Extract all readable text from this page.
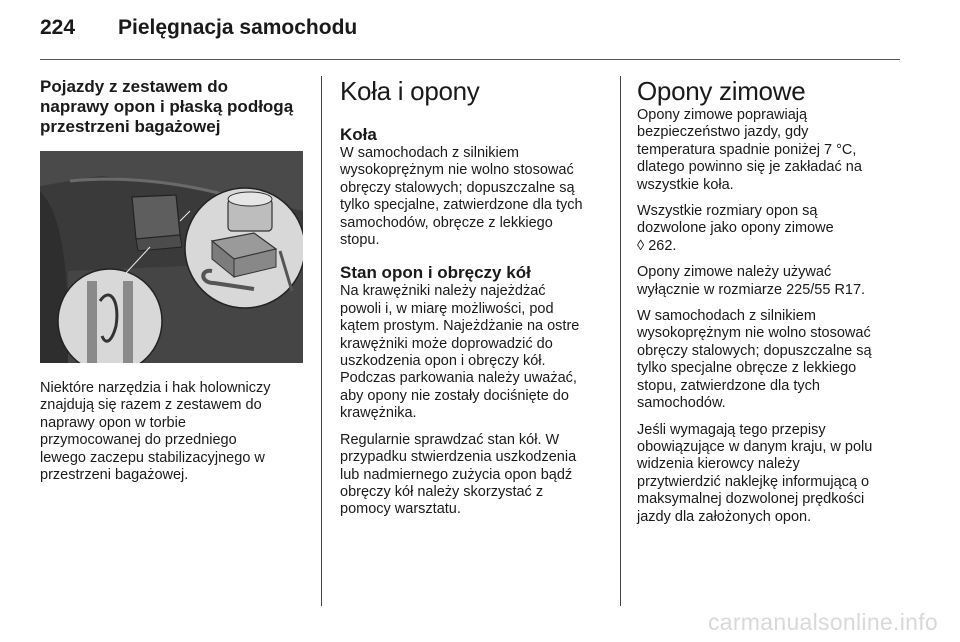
224	Pielęgnacja samochodu
Pojazdy z zestawem do
naprawy opon i płaską podłogą
przestrzeni bagażowej

Niektóre narzędzia i hak holowniczy
znajdują się razem z zestawem do
naprawy opon w torbie
przymocowanej do przedniego
lewego zaczepu stabilizacyjnego w
przestrzeni bagażowej.

Koła i opony
Koła

W samochodach z silnikiem
wysokoprężnym nie wolno stosować
obręczy stalowych; dopuszczalne są
tylko specjalne, zatwierdzone dla tych
samochodów, obręcze z lekkiego
stopu.

Stan opon i obręczy kół

Na krawężniki należy najeżdżać
powoli i, w miarę możliwości, pod
kątem prostym. Najeżdżanie na ostre
krawężniki może doprowadzić do
uszkodzenia opon i obręczy kół.
Podczas parkowania należy uważać,
aby opony nie zostały dociśnięte do
krawężnika.

Regularnie sprawdzać stan kół. W
przypadku stwierdzenia uszkodzenia
lub nadmiernego zużycia opon bądź
obręczy kół należy skorzystać z
pomocy warsztatu.

Opony zimowe

Opony zimowe poprawiają
bezpieczeństwo jazdy, gdy
temperatura spadnie poniżej 7 °C,
dlatego powinno się je zakładać na
wszystkie koła.

Wszystkie rozmiary opon są
dozwolone jako opony zimowe
◊ 262.

Opony zimowe należy używać
wyłącznie w rozmiarze 225/55 R17.

W samochodach z silnikiem
wysokoprężnym nie wolno stosować
obręczy stalowych; dopuszczalne są
tylko specjalne obręcze z lekkiego
stopu, zatwierdzone dla tych
samochodów.

Jeśli wymagają tego przepisy
obowiązujące w danym kraju, w polu
widzenia kierowcy należy
przytwierdzić naklejkę informującą o
maksymalnej dozwolonej prędkości
jazdy dla założonych opon.

carmanualsonline.info
